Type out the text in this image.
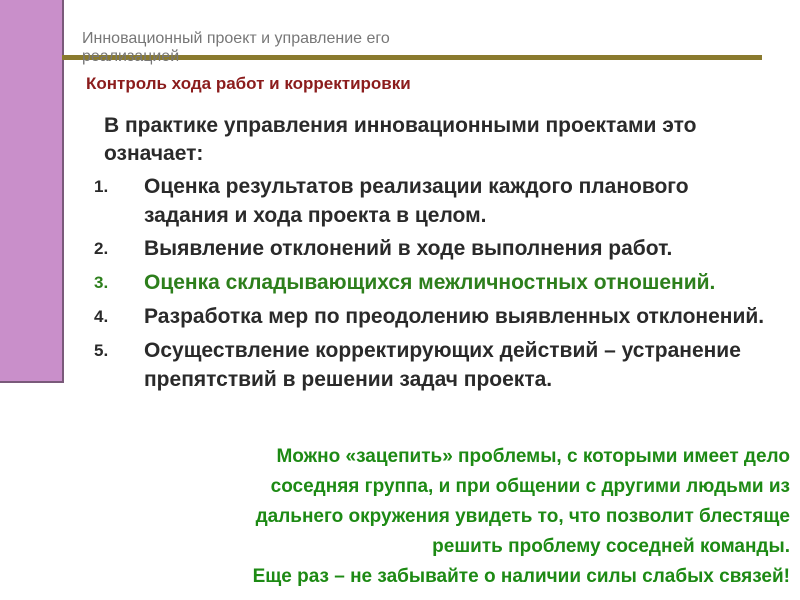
Инновационный проект и управление его реализацией
Контроль хода работ и корректировки
В практике управления инновационными проектами это означает:
1.	Оценка результатов реализации каждого планового задания и хода проекта в целом.
2.	Выявление отклонений в ходе выполнения работ.
3.	Оценка складывающихся межличностных отношений.
4.	Разработка мер по преодолению выявленных отклонений.
5.	Осуществление корректирующих действий – устранение препятствий в решении задач проекта.
Можно «зацепить» проблемы, с которыми имеет дело
соседняя группа, и при общении с другими людьми из
дальнего окружения увидеть то, что позволит блестяще
решить проблему соседней команды.
Еще раз – не забывайте о наличии силы слабых связей!
